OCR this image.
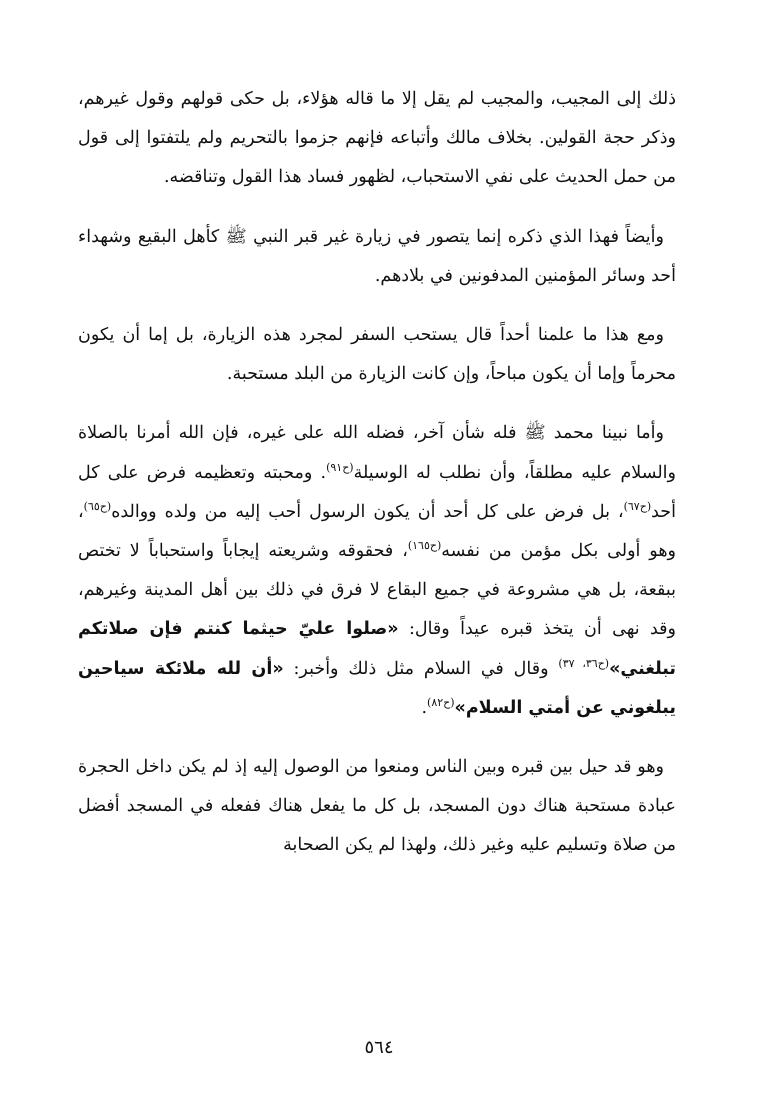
ذلك إلى المجيب، والمجيب لم يقل إلا ما قاله هؤلاء، بل حكى قولهم وقول غيرهم، وذكر حجة القولين. بخلاف مالك وأتباعه فإنهم جزموا بالتحريم ولم يلتفتوا إلى قول من حمل الحديث على نفي الاستحباب، لظهور فساد هذا القول وتناقضه.

وأيضاً فهذا الذي ذكره إنما يتصور في زيارة غير قبر النبي ﷺ كأهل البقيع وشهداء أحد وسائر المؤمنين المدفونين في بلادهم.

ومع هذا ما علمنا أحداً قال يستحب السفر لمجرد هذه الزيارة، بل إما أن يكون محرماً وإما أن يكون مباحاً، وإن كانت الزيارة من البلد مستحبة.

وأما نبينا محمد ﷺ فله شأن آخر، فضله الله على غيره، فإن الله أمرنا بالصلاة والسلام عليه مطلقاً، وأن نطلب له الوسيلة$^{(ح٩١)}$. ومحبته وتعظيمه فرض على كل أحد$^{(ح٦٧)}$، بل فرض على كل أحد أن يكون الرسول أحب إليه من ولده ووالده$^{(ح٦٥)}$، وهو أولى بكل مؤمن من نفسه$^{(ح١٦٥)}$، فحقوقه وشريعته إيجاباً واستحباباً لا تختص ببقعة، بل هي مشروعة في جميع البقاع لا فرق في ذلك بين أهل المدينة وغيرهم، وقد نهى أن يتخذ قبره عيداً وقال: «صلوا عليّ حيثما كنتم فإن صلاتكم تبلغني»$^{(ح٣٦، ٣٧)}$ وقال في السلام مثل ذلك وأخبر: «أن لله ملائكة سياحين يبلغوني عن أمتي السلام»$^{(ح٨٢)}$.

وهو قد حيل بين قبره وبين الناس ومنعوا من الوصول إليه إذ لم يكن داخل الحجرة عبادة مستحبة هناك دون المسجد، بل كل ما يفعل هناك ففعله في المسجد أفضل من صلاة وتسليم عليه وغير ذلك، ولهذا لم يكن الصحابة

٥٦٤
